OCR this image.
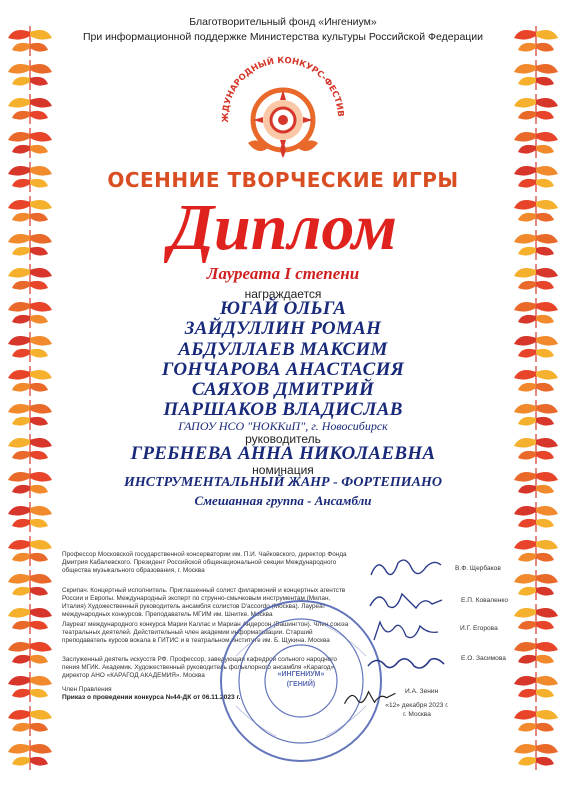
Благотворительный фонд «Ингениум»
При информационной поддержке Министерства культуры Российской Федерации
ЖДУНАРОДНЫЙ КОНКУРС-ФЕСТИВ
ОСЕННИЕ ТВОРЧЕСКИЕ ИГРЫ
Диплом
Лауреата I степени
награждается
ЮГАЙ ОЛЬГА
ЗАЙДУЛЛИН РОМАН
АБДУЛЛАЕВ МАКСИМ
ГОНЧАРОВА АНАСТАСИЯ
САЯХОВ ДМИТРИЙ
ПАРШАКОВ ВЛАДИСЛАВ
ГАПОУ НСО "НОККиП", г. Новосибирск
руководитель
ГРЕБНЕВА АННА НИКОЛАЕВНА
номинация
ИНСТРУМЕНТАЛЬНЫЙ ЖАНР - ФОРТЕПИАНО
Смешанная группа - Ансамбли
Профессор Московской государственной консерватории им. П.И. Чайковского, директор Фонда Дмитрия Кабалевского. Президент Российской общенациональной секции Международного общества музыкального образования, г. Москва
Скрипач. Концертный исполнитель. Приглашенный солист филармоний и концертных агентств России и Европы. Международный эксперт по струнно-смычковым инструментам (Милан, Италия) Художественный руководитель ансамбля солистов D'accordo (Москва). Лауреат международных конкурсов. Преподаватель МГИМ им. Шнитке. Москва
Лауреат международного конкурса Марии Каллас и Мариан Андерсон (Вашингтон). Член союза театральных деятелей. Действительный член академии информатизации. Старший преподаватель курсов вокала в ГИТИС и в театральном институте им. Б. Щукина. Москва
Заслуженный деятель искусств РФ. Профессор, заведующая кафедрой сольного народного пения МГИК. Академик. Художественный руководитель фольклорного ансамбля «Карагод», директор АНО «КАРАГОД АКАДЕМИЯ». Москва
Член Правления
Приказ о проведении конкурса №44-ДК от 06.11.2023 г.
«ИНГЕНИУМ» (ГЕНИЙ)
В.Ф. Щербаков
Е.П. Коваленко
И.Г. Егорова
Е.О. Засимова
И.А. Зенин
«12» декабря 2023 г.
г. Москва
